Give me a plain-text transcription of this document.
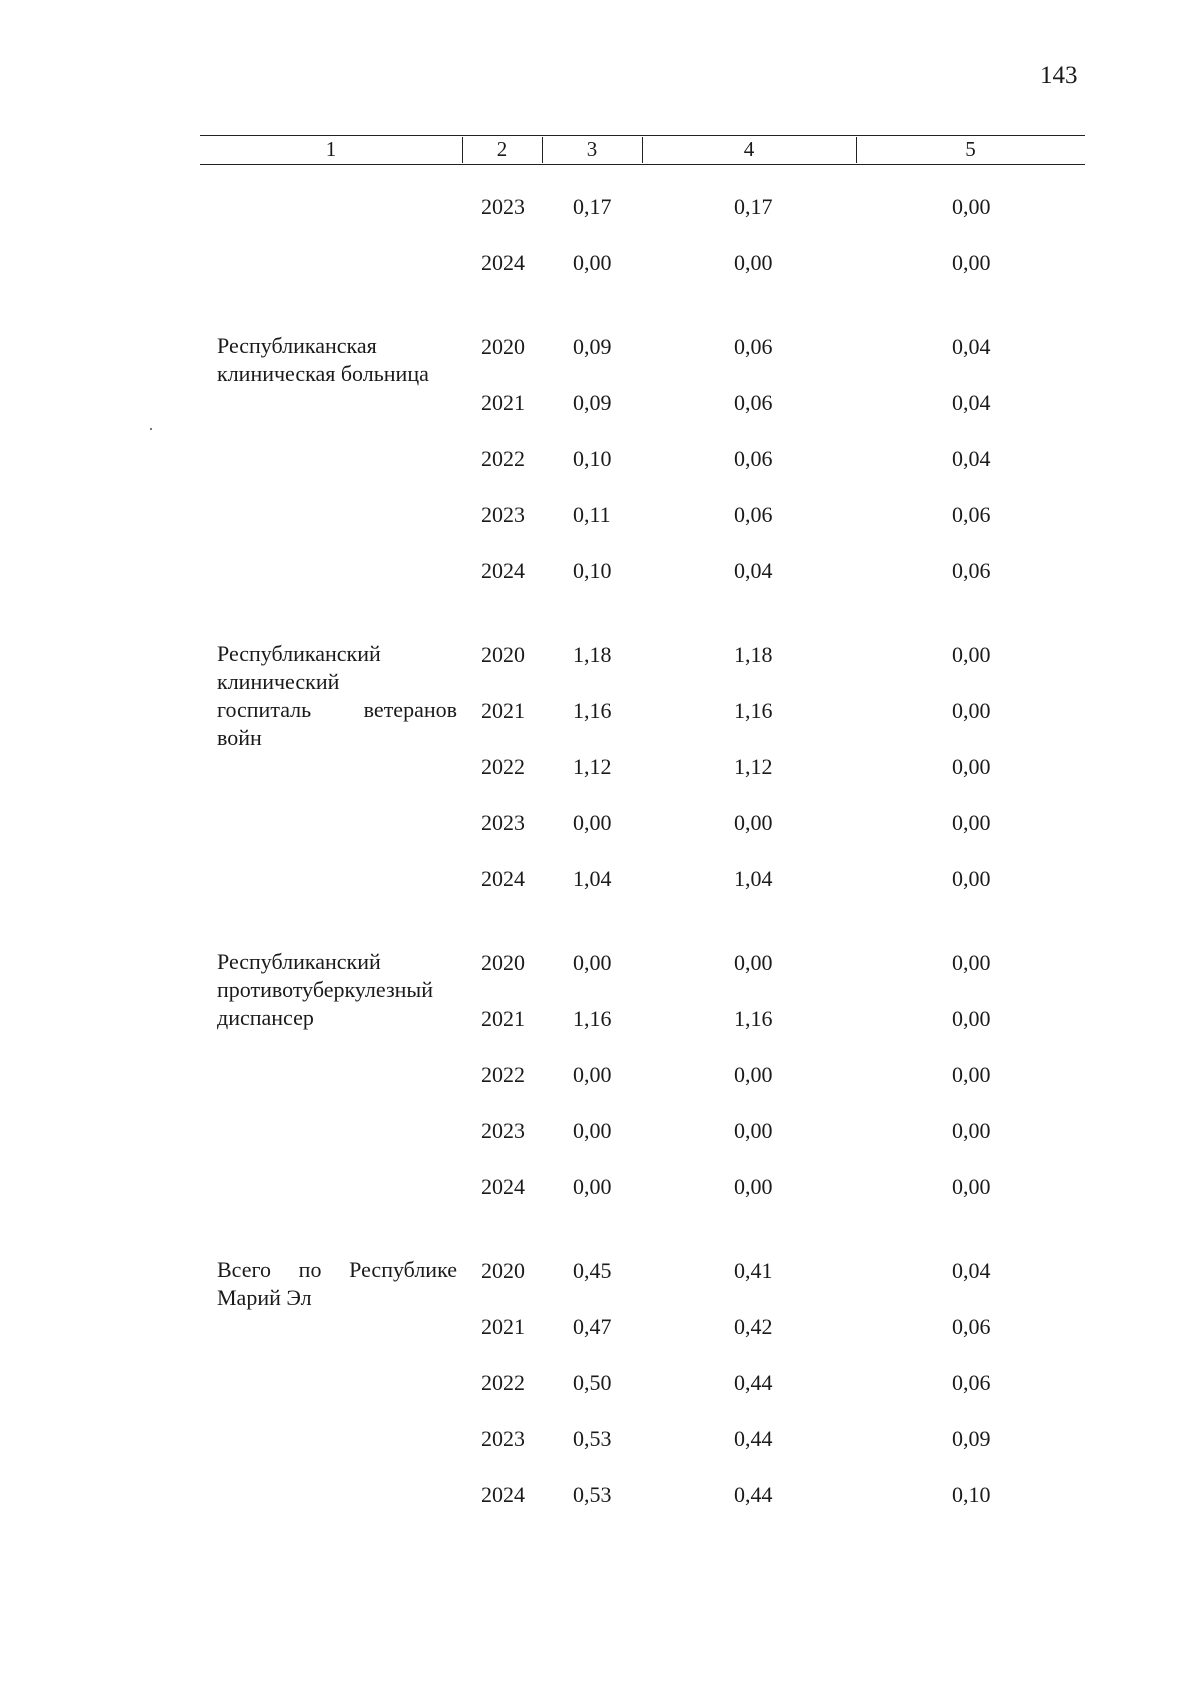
143
1	2	3	4	5
2023 0,17	0,17	0,00
2024 0,00	0,00	0,00
Республиканская
клиническая больница
2020 0,09	0,06	0,04
2021 0,09	0,06	0,04
2022 0,10	0,06	0,04
2023 0,11	0,06	0,06
2024 0,10	0,04	0,06
Республиканский
клинический
госпиталь ветеранов
войн
2020 1,18	1,18	0,00
2021 1,16	1,16	0,00
2022 1,12	1,12	0,00
2023 0,00	0,00	0,00
2024 1,04	1,04	0,00
Республиканский
противотуберкулезный
диспансер
2020 0,00	0,00	0,00
2021 1,16	1,16	0,00
2022 0,00	0,00	0,00
2023 0,00	0,00	0,00
2024 0,00	0,00	0,00
Всего по Республике
Марий Эл
2020 0,45	0,41	0,04
2021 0,47	0,42	0,06
2022 0,50	0,44	0,06
2023 0,53	0,44	0,09
2024 0,53	0,44	0,10
